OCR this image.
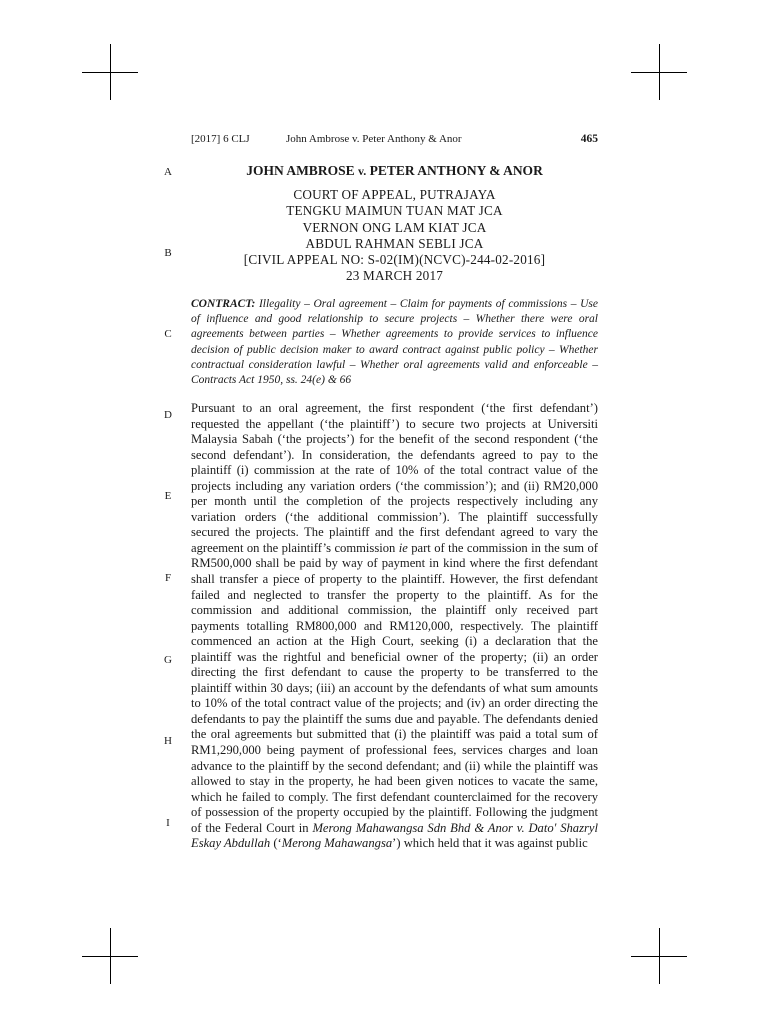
[2017] 6 CLJ	John Ambrose v. Peter Anthony & Anor	465
A
B
C
D
E
F
G
H
I
JOHN AMBROSE v. PETER ANTHONY & ANOR
COURT OF APPEAL, PUTRAJAYA
TENGKU MAIMUN TUAN MAT JCA
VERNON ONG LAM KIAT JCA
ABDUL RAHMAN SEBLI JCA
[CIVIL APPEAL NO: S-02(IM)(NCVC)-244-02-2016]
23 MARCH 2017
CONTRACT: Illegality – Oral agreement – Claim for payments of commissions – Use of influence and good relationship to secure projects – Whether there were oral agreements between parties – Whether agreements to provide services to influence decision of public decision maker to award contract against public policy – Whether contractual consideration lawful – Whether oral agreements valid and enforceable – Contracts Act 1950, ss. 24(e) & 66
Pursuant to an oral agreement, the first respondent (‘the first defendant’) requested the appellant (‘the plaintiff’) to secure two projects at Universiti Malaysia Sabah (‘the projects’) for the benefit of the second respondent (‘the second defendant’). In consideration, the defendants agreed to pay to the plaintiff (i) commission at the rate of 10% of the total contract value of the projects including any variation orders (‘the commission’); and (ii) RM20,000 per month until the completion of the projects respectively including any variation orders (‘the additional commission’). The plaintiff successfully secured the projects. The plaintiff and the first defendant agreed to vary the agreement on the plaintiff’s commission ie part of the commission in the sum of RM500,000 shall be paid by way of payment in kind where the first defendant shall transfer a piece of property to the plaintiff. However, the first defendant failed and neglected to transfer the property to the plaintiff. As for the commission and additional commission, the plaintiff only received part payments totalling RM800,000 and RM120,000, respectively. The plaintiff commenced an action at the High Court, seeking (i) a declaration that the plaintiff was the rightful and beneficial owner of the property; (ii) an order directing the first defendant to cause the property to be transferred to the plaintiff within 30 days; (iii) an account by the defendants of what sum amounts to 10% of the total contract value of the projects; and (iv) an order directing the defendants to pay the plaintiff the sums due and payable. The defendants denied the oral agreements but submitted that (i) the plaintiff was paid a total sum of RM1,290,000 being payment of professional fees, services charges and loan advance to the plaintiff by the second defendant; and (ii) while the plaintiff was allowed to stay in the property, he had been given notices to vacate the same, which he failed to comply. The first defendant counterclaimed for the recovery of possession of the property occupied by the plaintiff. Following the judgment of the Federal Court in Merong Mahawangsa Sdn Bhd & Anor v. Dato' Shazryl Eskay Abdullah (‘Merong Mahawangsa’) which held that it was against public
